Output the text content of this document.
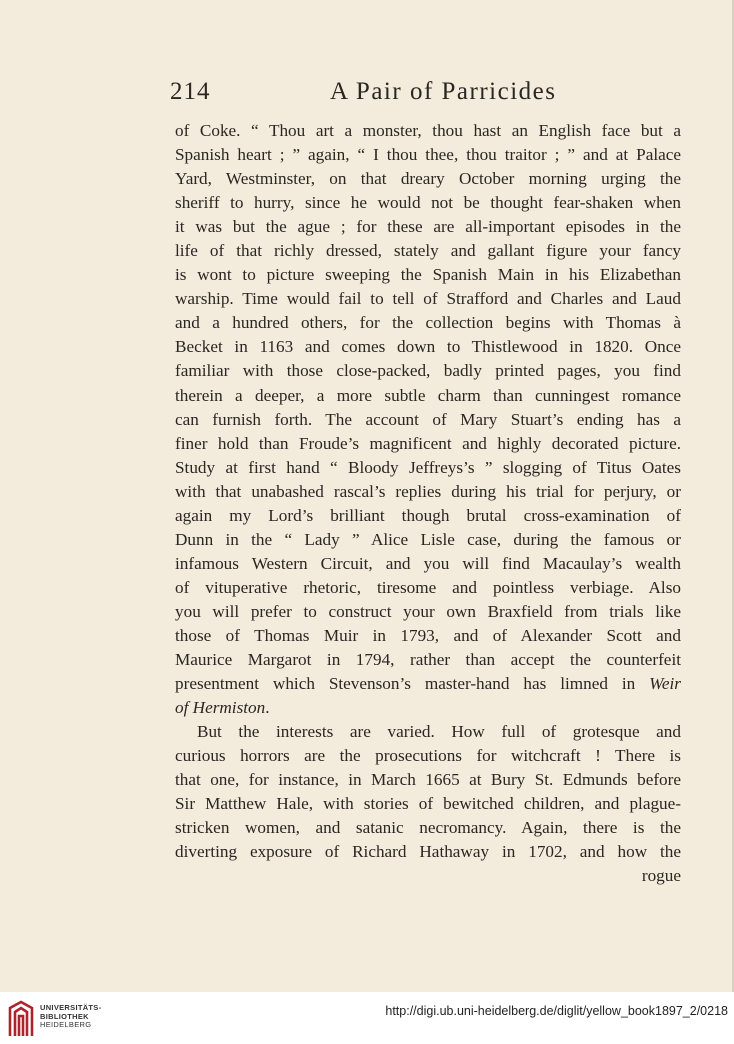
214	A Pair of Parricides
of Coke. “ Thou art a monster, thou hast an English face but a
Spanish heart ; ” again, “ I thou thee, thou traitor ; ” and at Palace
Yard, Westminster, on that dreary October morning urging the
sheriff to hurry, since he would not be thought fear-shaken when
it was but the ague ; for these are all-important episodes in the
life of that richly dressed, stately and gallant figure your fancy
is wont to picture sweeping the Spanish Main in his Elizabethan
warship. Time would fail to tell of Strafford and Charles and Laud
and a hundred others, for the collection begins with Thomas à
Becket in 1163 and comes down to Thistlewood in 1820. Once
familiar with those close-packed, badly printed pages, you find
therein a deeper, a more subtle charm than cunningest romance
can furnish forth. The account of Mary Stuart’s ending has a
finer hold than Froude’s magnificent and highly decorated picture.
Study at first hand “ Bloody Jeffreys’s ” slogging of Titus Oates
with that unabashed rascal’s replies during his trial for perjury, or
again my Lord’s brilliant though brutal cross-examination of
Dunn in the “ Lady ” Alice Lisle case, during the famous or
infamous Western Circuit, and you will find Macaulay’s wealth
of vituperative rhetoric, tiresome and pointless verbiage. Also
you will prefer to construct your own Braxfield from trials like
those of Thomas Muir in 1793, and of Alexander Scott and
Maurice Margarot in 1794, rather than accept the counterfeit
presentment which Stevenson’s master-hand has limned in Weir
of Hermiston.
But the interests are varied. How full of grotesque and
curious horrors are the prosecutions for witchcraft ! There is
that one, for instance, in March 1665 at Bury St. Edmunds before
Sir Matthew Hale, with stories of bewitched children, and plague-
stricken women, and satanic necromancy. Again, there is the
diverting exposure of Richard Hathaway in 1702, and how the
rogue
UNIVERSITÄTS-
BIBLIOTHEK
HEIDELBERG
http://digi.ub.uni-heidelberg.de/diglit/yellow_book1897_2/0218
